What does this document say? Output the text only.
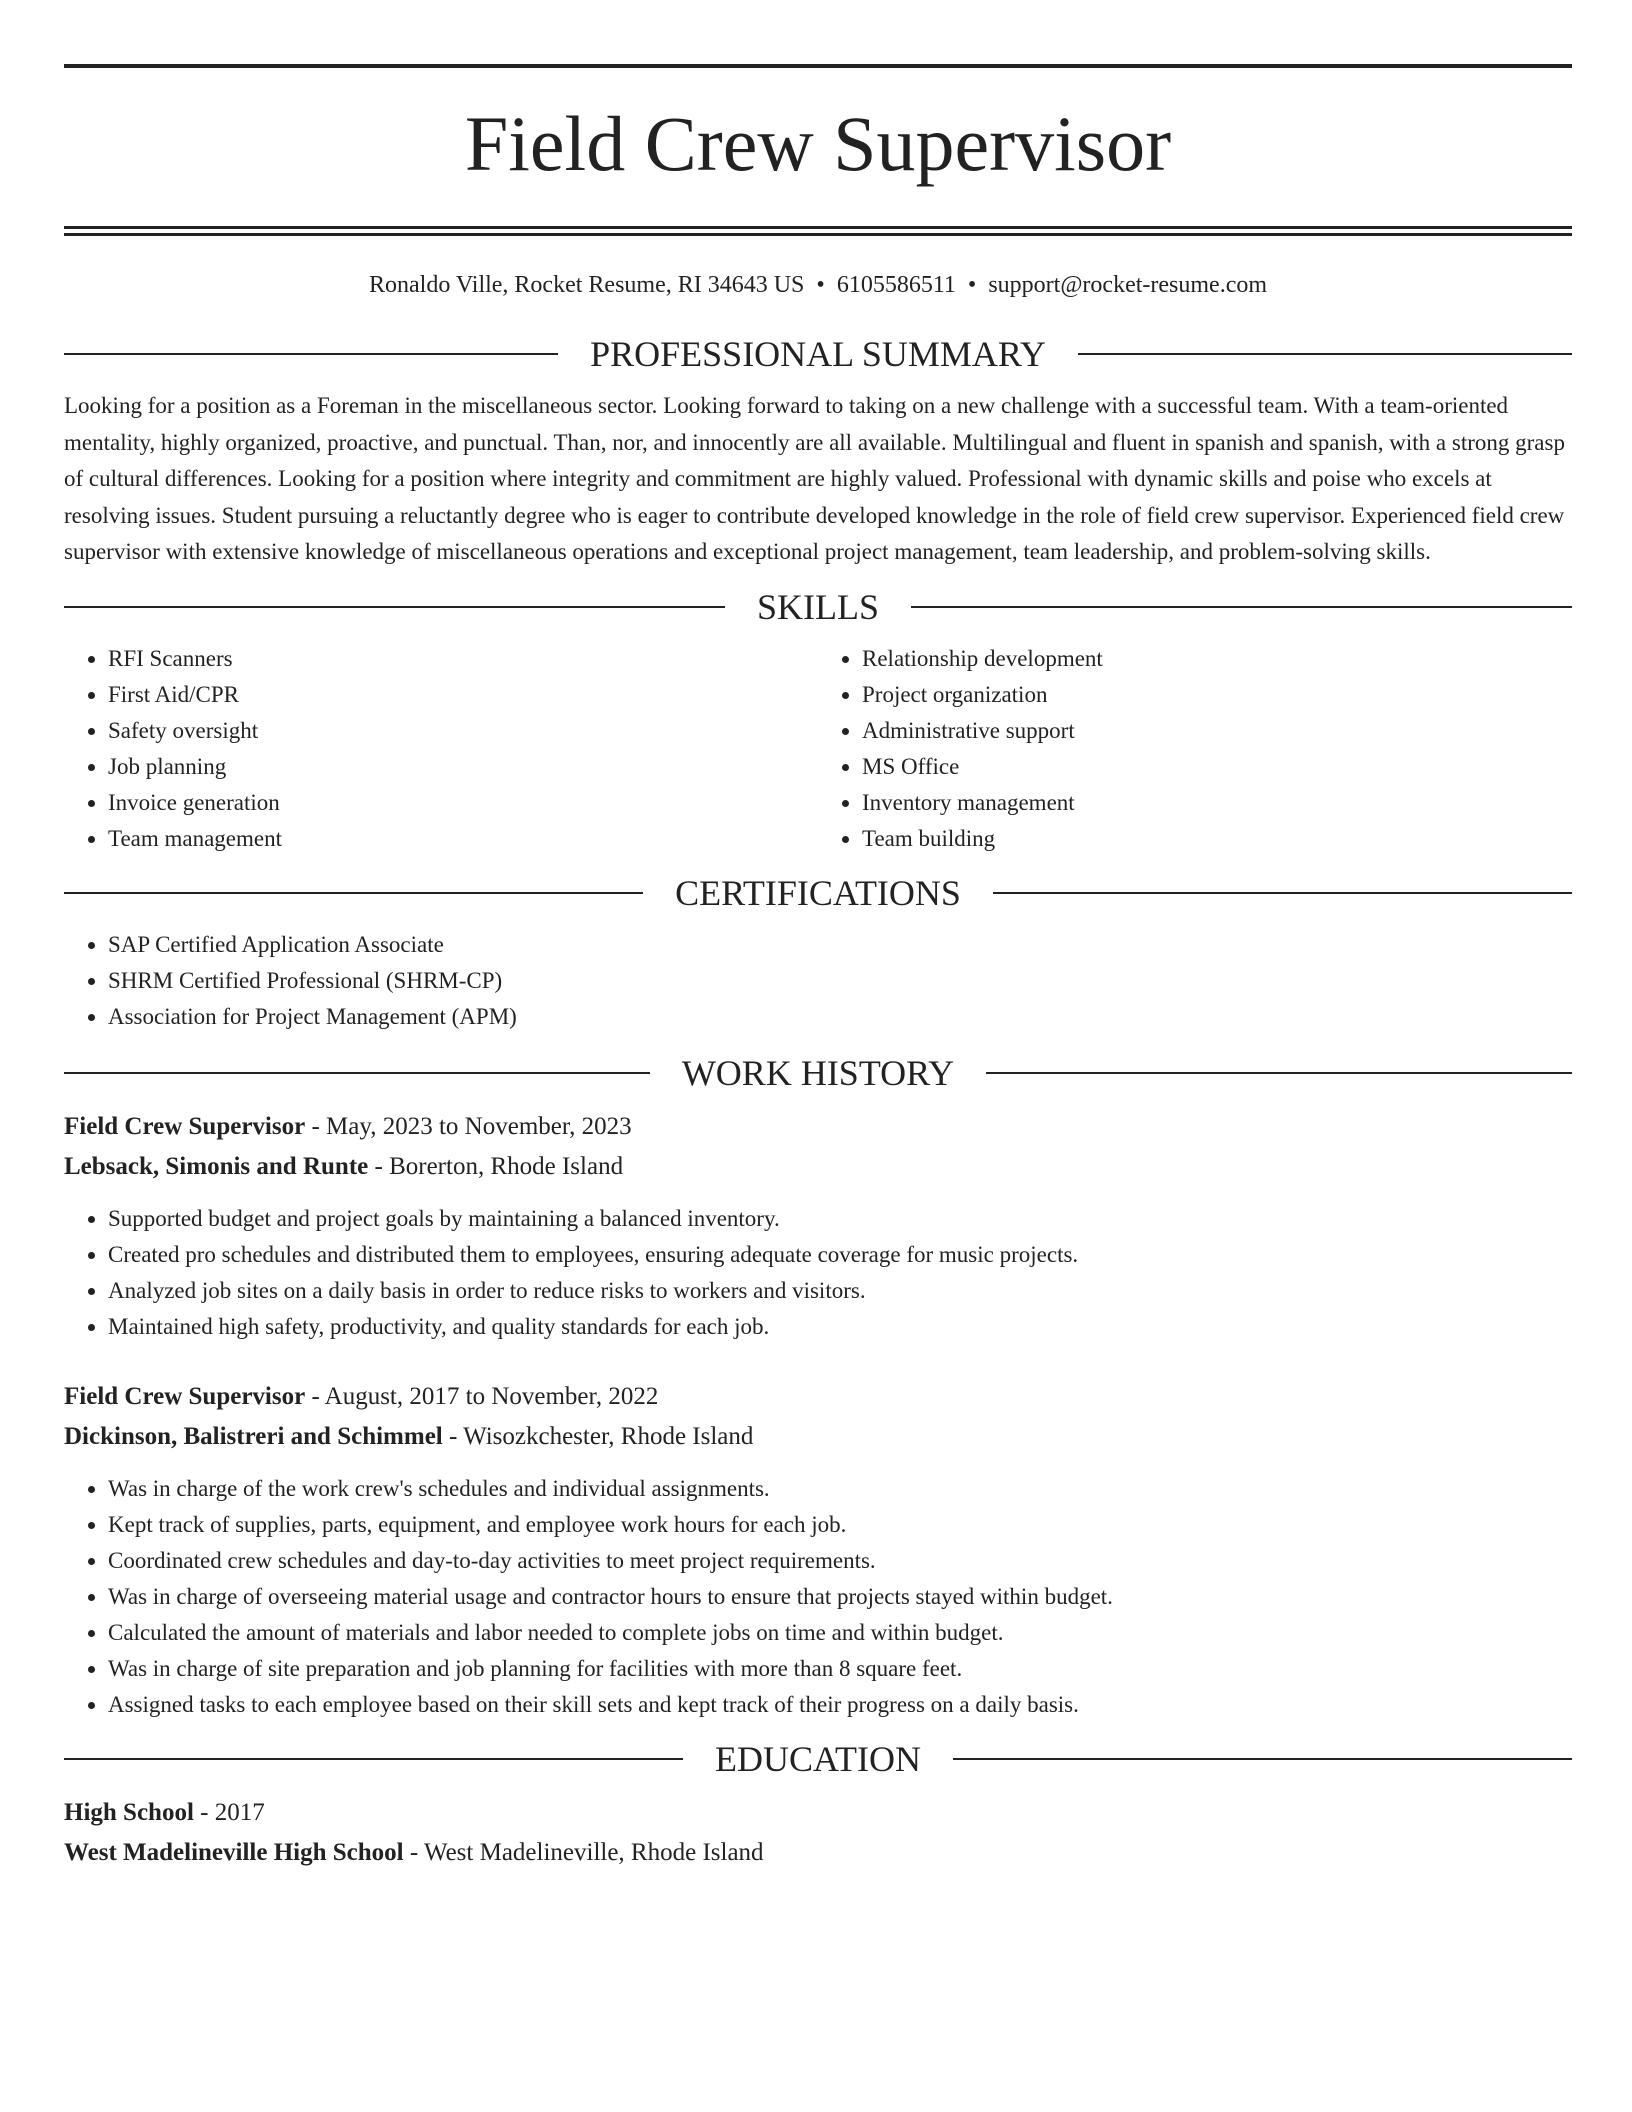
Field Crew Supervisor
Ronaldo Ville, Rocket Resume, RI 34643 US • 6105586511 • support@rocket-resume.com
PROFESSIONAL SUMMARY

Looking for a position as a Foreman in the miscellaneous sector. Looking forward to taking on a new challenge with a successful team. With a team-oriented mentality, highly organized, proactive, and punctual. Than, nor, and innocently are all available. Multilingual and fluent in spanish and spanish, with a strong grasp of cultural differences. Looking for a position where integrity and commitment are highly valued. Professional with dynamic skills and poise who excels at resolving issues. Student pursuing a reluctantly degree who is eager to contribute developed knowledge in the role of field crew supervisor. Experienced field crew supervisor with extensive knowledge of miscellaneous operations and exceptional project management, team leadership, and problem-solving skills.

SKILLS
• RFI Scanners
• First Aid/CPR
• Safety oversight
• Job planning
• Invoice generation
• Team management
• Relationship development
• Project organization
• Administrative support
• MS Office
• Inventory management
• Team building
CERTIFICATIONS
• SAP Certified Application Associate
• SHRM Certified Professional (SHRM-CP)
• Association for Project Management (APM)
WORK HISTORY

Field Crew Supervisor - May, 2023 to November, 2023

Lebsack, Simonis and Runte - Borerton, Rhode Island

• Supported budget and project goals by maintaining a balanced inventory.
• Created pro schedules and distributed them to employees, ensuring adequate coverage for music projects.
• Analyzed job sites on a daily basis in order to reduce risks to workers and visitors.
• Maintained high safety, productivity, and quality standards for each job.

Field Crew Supervisor - August, 2017 to November, 2022

Dickinson, Balistreri and Schimmel - Wisozkchester, Rhode Island

• Was in charge of the work crew's schedules and individual assignments.
• Kept track of supplies, parts, equipment, and employee work hours for each job.
• Coordinated crew schedules and day-to-day activities to meet project requirements.
• Was in charge of overseeing material usage and contractor hours to ensure that projects stayed within budget.
• Calculated the amount of materials and labor needed to complete jobs on time and within budget.
• Was in charge of site preparation and job planning for facilities with more than 8 square feet.
• Assigned tasks to each employee based on their skill sets and kept track of their progress on a daily basis.
EDUCATION

High School - 2017

West Madelineville High School - West Madelineville, Rhode Island
